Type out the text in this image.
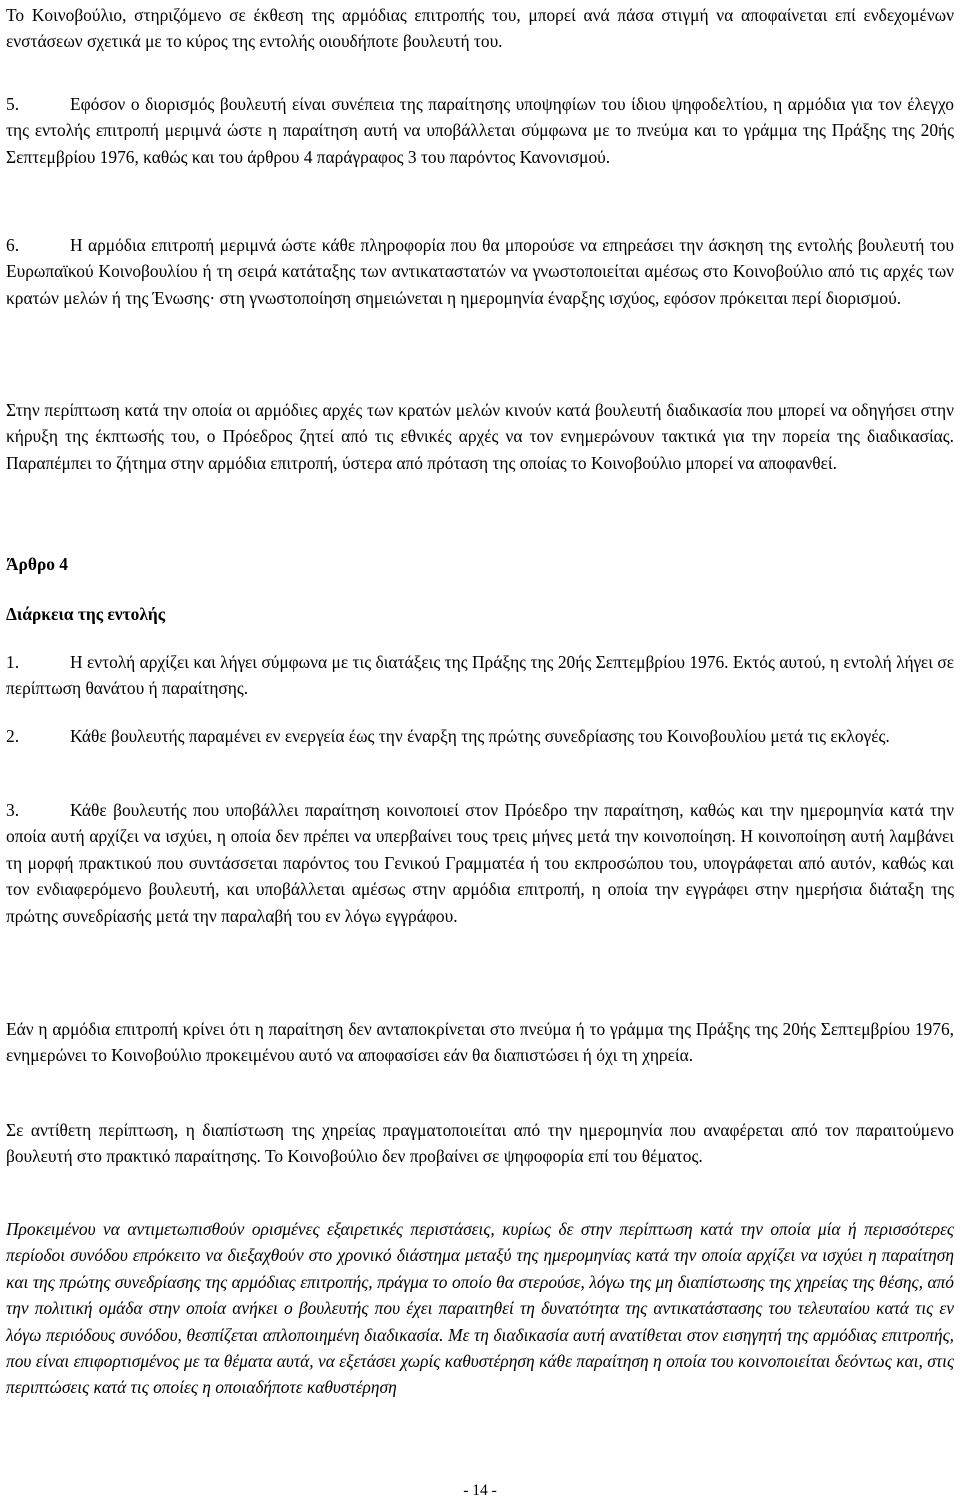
Το Κοινοβούλιο, στηριζόμενο σε έκθεση της αρμόδιας επιτροπής του, μπορεί ανά πάσα στιγμή να αποφαίνεται επί ενδεχομένων ενστάσεων σχετικά με το κύρος της εντολής οιουδήποτε βουλευτή του.

5.	Εφόσον ο διορισμός βουλευτή είναι συνέπεια της παραίτησης υποψηφίων του ίδιου ψηφοδελτίου, η αρμόδια για τον έλεγχο της εντολής επιτροπή μεριμνά ώστε η παραίτηση αυτή να υποβάλλεται σύμφωνα με το πνεύμα και το γράμμα της Πράξης της 20ής Σεπτεμβρίου 1976, καθώς και του άρθρου 4 παράγραφος 3 του παρόντος Κανονισμού.

6.	Η αρμόδια επιτροπή μεριμνά ώστε κάθε πληροφορία που θα μπορούσε να επηρεάσει την άσκηση της εντολής βουλευτή του Ευρωπαϊκού Κοινοβουλίου ή τη σειρά κατάταξης των αντικαταστατών να γνωστοποιείται αμέσως στο Κοινοβούλιο από τις αρχές των κρατών μελών ή της Ένωσης· στη γνωστοποίηση σημειώνεται η ημερομηνία έναρξης ισχύος, εφόσον πρόκειται περί διορισμού.

Στην περίπτωση κατά την οποία οι αρμόδιες αρχές των κρατών μελών κινούν κατά βουλευτή διαδικασία που μπορεί να οδηγήσει στην κήρυξη της έκπτωσής του, ο Πρόεδρος ζητεί από τις εθνικές αρχές να τον ενημερώνουν τακτικά για την πορεία της διαδικασίας. Παραπέμπει το ζήτημα στην αρμόδια επιτροπή, ύστερα από πρόταση της οποίας το Κοινοβούλιο μπορεί να αποφανθεί.

Άρθρο 4
Διάρκεια της εντολής

1.	Η εντολή αρχίζει και λήγει σύμφωνα με τις διατάξεις της Πράξης της 20ής Σεπτεμβρίου 1976. Εκτός αυτού, η εντολή λήγει σε περίπτωση θανάτου ή παραίτησης.

2.	Κάθε βουλευτής παραμένει εν ενεργεία έως την έναρξη της πρώτης συνεδρίασης του Κοινοβουλίου μετά τις εκλογές.

3.	Κάθε βουλευτής που υποβάλλει παραίτηση κοινοποιεί στον Πρόεδρο την παραίτηση, καθώς και την ημερομηνία κατά την οποία αυτή αρχίζει να ισχύει, η οποία δεν πρέπει να υπερβαίνει τους τρεις μήνες μετά την κοινοποίηση. Η κοινοποίηση αυτή λαμβάνει τη μορφή πρακτικού που συντάσσεται παρόντος του Γενικού Γραμματέα ή του εκπροσώπου του, υπογράφεται από αυτόν, καθώς και τον ενδιαφερόμενο βουλευτή, και υποβάλλεται αμέσως στην αρμόδια επιτροπή, η οποία την εγγράφει στην ημερήσια διάταξη της πρώτης συνεδρίασής μετά την παραλαβή του εν λόγω εγγράφου.

Εάν η αρμόδια επιτροπή κρίνει ότι η παραίτηση δεν ανταποκρίνεται στο πνεύμα ή το γράμμα της Πράξης της 20ής Σεπτεμβρίου 1976, ενημερώνει το Κοινοβούλιο προκειμένου αυτό να αποφασίσει εάν θα διαπιστώσει ή όχι τη χηρεία.

Σε αντίθετη περίπτωση, η διαπίστωση της χηρείας πραγματοποιείται από την ημερομηνία που αναφέρεται από τον παραιτούμενο βουλευτή στο πρακτικό παραίτησης. Το Κοινοβούλιο δεν προβαίνει σε ψηφοφορία επί του θέματος.

Προκειμένου να αντιμετωπισθούν ορισμένες εξαιρετικές περιστάσεις, κυρίως δε στην περίπτωση κατά την οποία μία ή περισσότερες περίοδοι συνόδου επρόκειτο να διεξαχθούν στο χρονικό διάστημα μεταξύ της ημερομηνίας κατά την οποία αρχίζει να ισχύει η παραίτηση και της πρώτης συνεδρίασης της αρμόδιας επιτροπής, πράγμα το οποίο θα στερούσε, λόγω της μη διαπίστωσης της χηρείας της θέσης, από την πολιτική ομάδα στην οποία ανήκει ο βουλευτής που έχει παραιτηθεί τη δυνατότητα της αντικατάστασης του τελευταίου κατά τις εν λόγω περιόδους συνόδου, θεσπίζεται απλοποιημένη διαδικασία. Με τη διαδικασία αυτή ανατίθεται στον εισηγητή της αρμόδιας επιτροπής, που είναι επιφορτισμένος με τα θέματα αυτά, να εξετάσει χωρίς καθυστέρηση κάθε παραίτηση η οποία του κοινοποιείται δεόντως και, στις περιπτώσεις κατά τις οποίες η οποιαδήποτε καθυστέρηση

- 14 -
